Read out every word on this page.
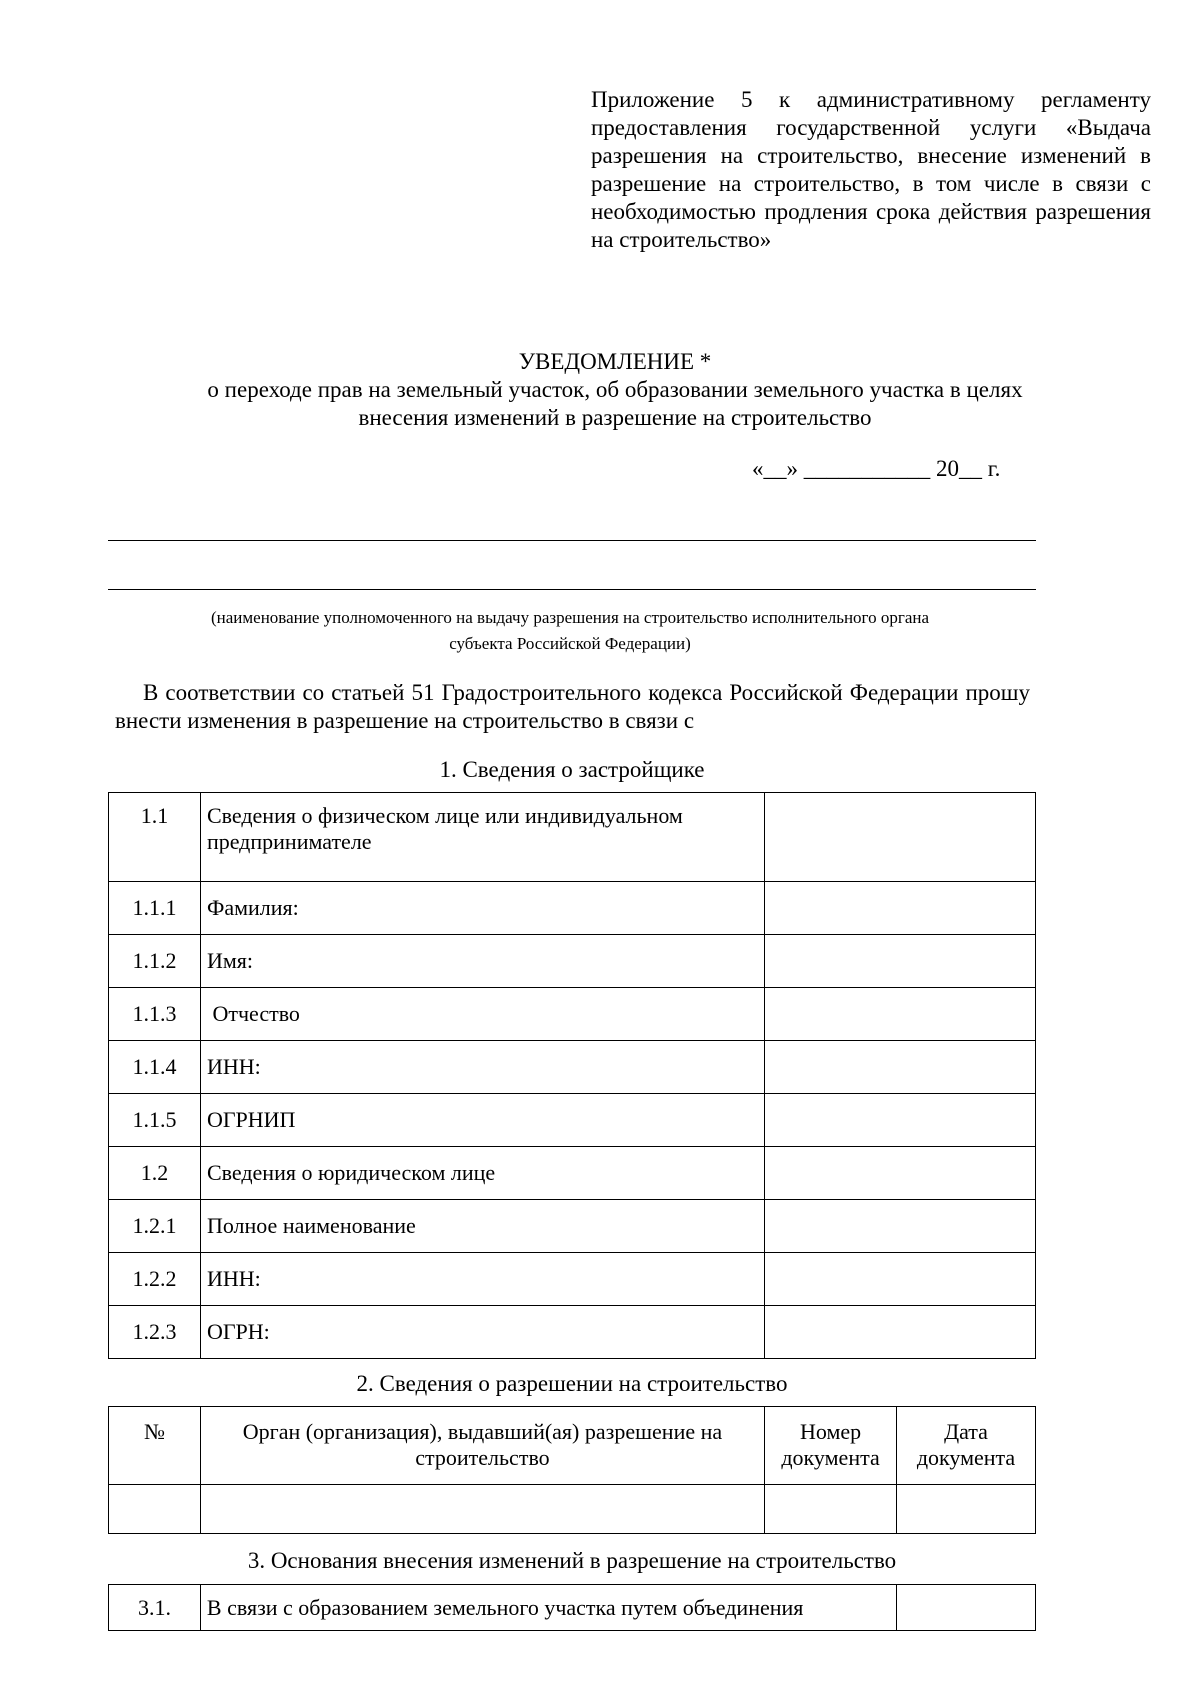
Приложение 5 к административному регламенту предоставления государственной услуги «Выдача разрешения на строительство, внесение изменений в разрешение на строительство, в том числе в связи с необходимостью продления срока действия разрешения на строительство»
УВЕДОМЛЕНИЕ *
о переходе прав на земельный участок, об образовании земельного участка в целях
внесения изменений в разрешение на строительство
«__» ___________ 20__ г.
(наименование уполномоченного на выдачу разрешения на строительство исполнительного органа
субъекта Российской Федерации)

В соответствии со статьей 51 Градостроительного кодекса Российской Федерации прошу внести изменения в разрешение на строительство в связи с

1. Сведения о застройщике
1.1	Сведения о физическом лице или индивидуальном предпринимателе	
1.1.1	Фамилия:	
1.1.2	Имя:	
1.1.3	Отчество	
1.1.4	ИНН:	
1.1.5	ОГРНИП	
1.2	Сведения о юридическом лице	
1.2.1	Полное наименование	
1.2.2	ИНН:	
1.2.3	ОГРН:	
2. Сведения о разрешении на строительство
№	Орган (организация), выдавший(ая) разрешение на строительство	Номер документа	Дата документа

3. Основания внесения изменений в разрешение на строительство
3.1.	В связи с образованием земельного участка путем объединения	
